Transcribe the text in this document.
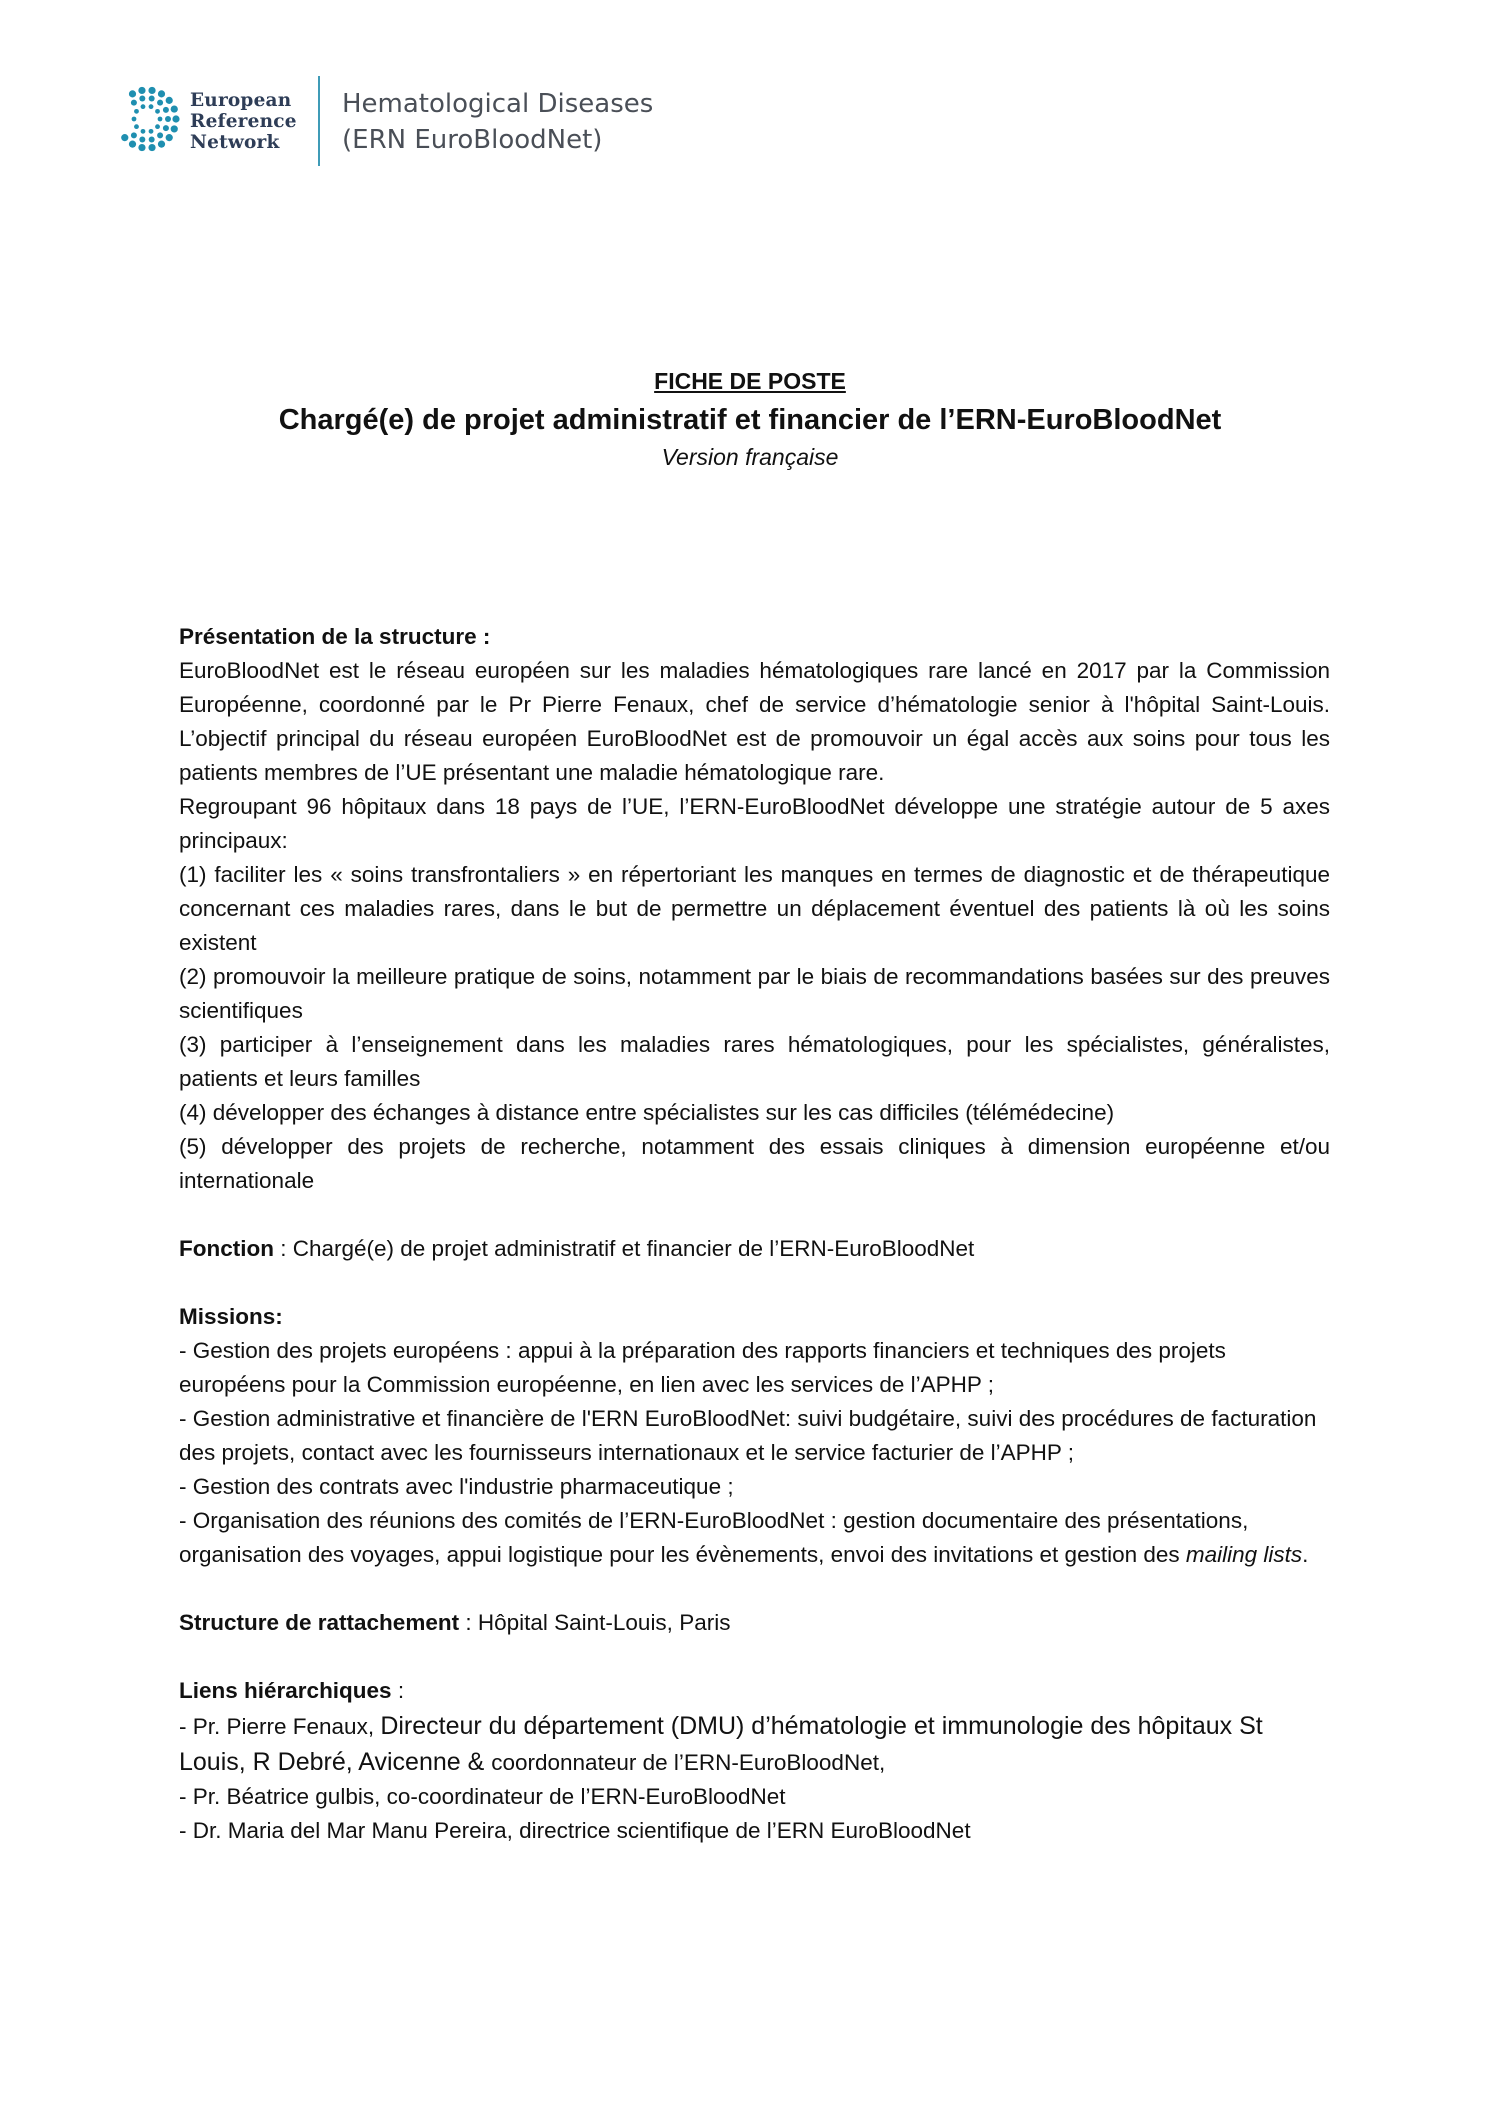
European
Reference
Network
Hematological Diseases
(ERN EuroBloodNet)
FICHE DE POSTE
Chargé(e) de projet administratif et financier de l’ERN-EuroBloodNet
Version française

Présentation de la structure :

EuroBloodNet est le réseau européen sur les maladies hématologiques rare lancé en 2017 par la Commission Européenne, coordonné par le Pr Pierre Fenaux, chef de service d’hématologie senior à l'hôpital Saint-Louis. L’objectif principal du réseau européen EuroBloodNet est de promouvoir un égal accès aux soins pour tous les patients membres de l’UE présentant une maladie hématologique rare.

Regroupant 96 hôpitaux dans 18 pays de l’UE, l’ERN-EuroBloodNet développe une stratégie autour de 5 axes principaux:

(1) faciliter les « soins transfrontaliers » en répertoriant les manques en termes de diagnostic et de thérapeutique concernant ces maladies rares, dans le but de permettre un déplacement éventuel des patients là où les soins existent

(2) promouvoir la meilleure pratique de soins, notamment par le biais de recommandations basées sur des preuves scientifiques

(3) participer à l’enseignement dans les maladies rares hématologiques, pour les spécialistes, généralistes, patients et leurs familles

(4) développer des échanges à distance entre spécialistes sur les cas difficiles (télémédecine)

(5) développer des projets de recherche, notamment des essais cliniques à dimension européenne et/ou internationale

Fonction : Chargé(e) de projet administratif et financier de l’ERN-EuroBloodNet

Missions:

- Gestion des projets européens : appui à la préparation des rapports financiers et techniques des projets européens pour la Commission européenne, en lien avec les services de l’APHP ;

- Gestion administrative et financière de l'ERN EuroBloodNet: suivi budgétaire, suivi des procédures de facturation des projets, contact avec les fournisseurs internationaux et le service facturier de l’APHP ;

- Gestion des contrats avec l'industrie pharmaceutique ;

- Organisation des réunions des comités de l’ERN-EuroBloodNet : gestion documentaire des présentations, organisation des voyages, appui logistique pour les évènements, envoi des invitations et gestion des mailing lists.

Structure de rattachement : Hôpital Saint-Louis, Paris

Liens hiérarchiques :

- Pr. Pierre Fenaux, Directeur du département (DMU) d’hématologie et immunologie des hôpitaux St Louis, R Debré, Avicenne & coordonnateur de l’ERN-EuroBloodNet,

- Pr. Béatrice gulbis, co-coordinateur de l’ERN-EuroBloodNet

- Dr. Maria del Mar Manu Pereira, directrice scientifique de l’ERN EuroBloodNet
